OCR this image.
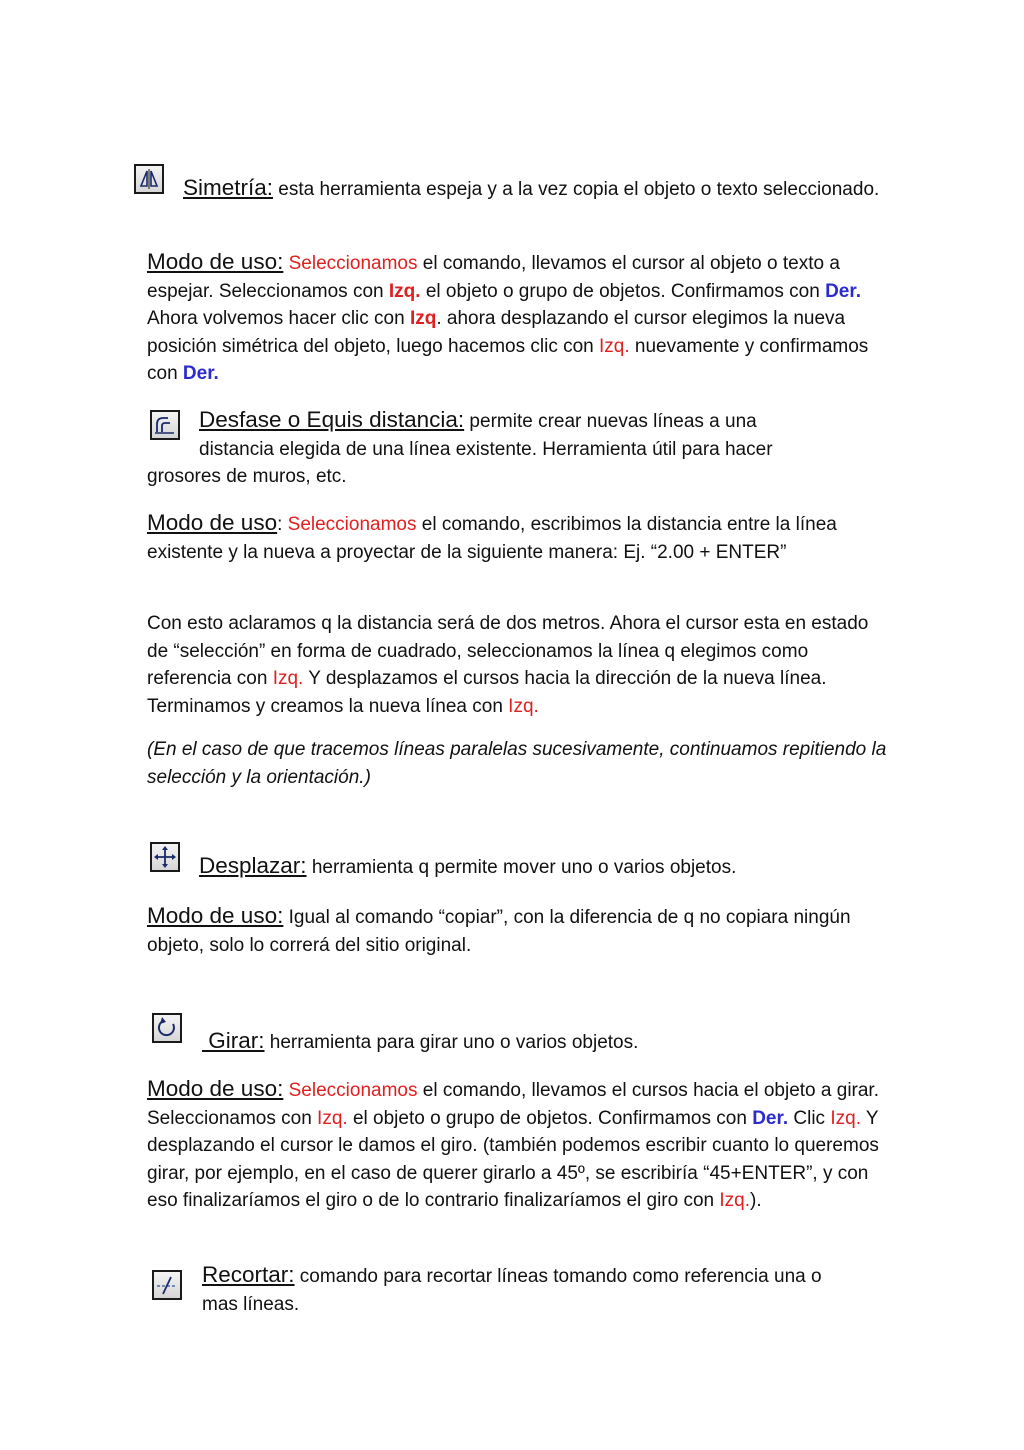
Simetría: esta herramienta espeja y a la vez copia el objeto o texto seleccionado.

Modo de uso: Seleccionamos el comando, llevamos el cursor al objeto o texto a espejar. Seleccionamos con Izq. el objeto o grupo de objetos. Confirmamos con Der. Ahora volvemos hacer clic con Izq. ahora desplazando el cursor elegimos la nueva posición simétrica del objeto, luego hacemos clic con Izq. nuevamente y confirmamos con Der.

Desfase o Equis distancia: permite crear nuevas líneas a una
distancia elegida de una línea existente. Herramienta útil para hacer
grosores de muros, etc.

Modo de uso: Seleccionamos el comando, escribimos la distancia entre la línea existente y la nueva a proyectar de la siguiente manera: Ej. “2.00 + ENTER”

Con esto aclaramos q la distancia será de dos metros. Ahora el cursor esta en estado de “selección” en forma de cuadrado, seleccionamos la línea q elegimos como referencia con Izq. Y desplazamos el cursos hacia la dirección de la nueva línea. Terminamos y creamos la nueva línea con Izq.

(En el caso de que tracemos líneas paralelas sucesivamente, continuamos repitiendo la selección y la orientación.)

Desplazar: herramienta q permite mover uno o varios objetos.

Modo de uso: Igual al comando “copiar”, con la diferencia de q no copiara ningún objeto, solo lo correrá del sitio original.

Girar: herramienta para girar uno o varios objetos.

Modo de uso: Seleccionamos el comando, llevamos el cursos hacia el objeto a girar. Seleccionamos con Izq. el objeto o grupo de objetos. Confirmamos con Der. Clic Izq. Y desplazando el cursor le damos el giro. (también podemos escribir cuanto lo queremos girar, por ejemplo, en el caso de querer girarlo a 45º, se escribiría “45+ENTER”, y con eso finalizaríamos el giro o de lo contrario finalizaríamos el giro con Izq.).

Recortar: comando para recortar líneas tomando como referencia una o
mas líneas.
